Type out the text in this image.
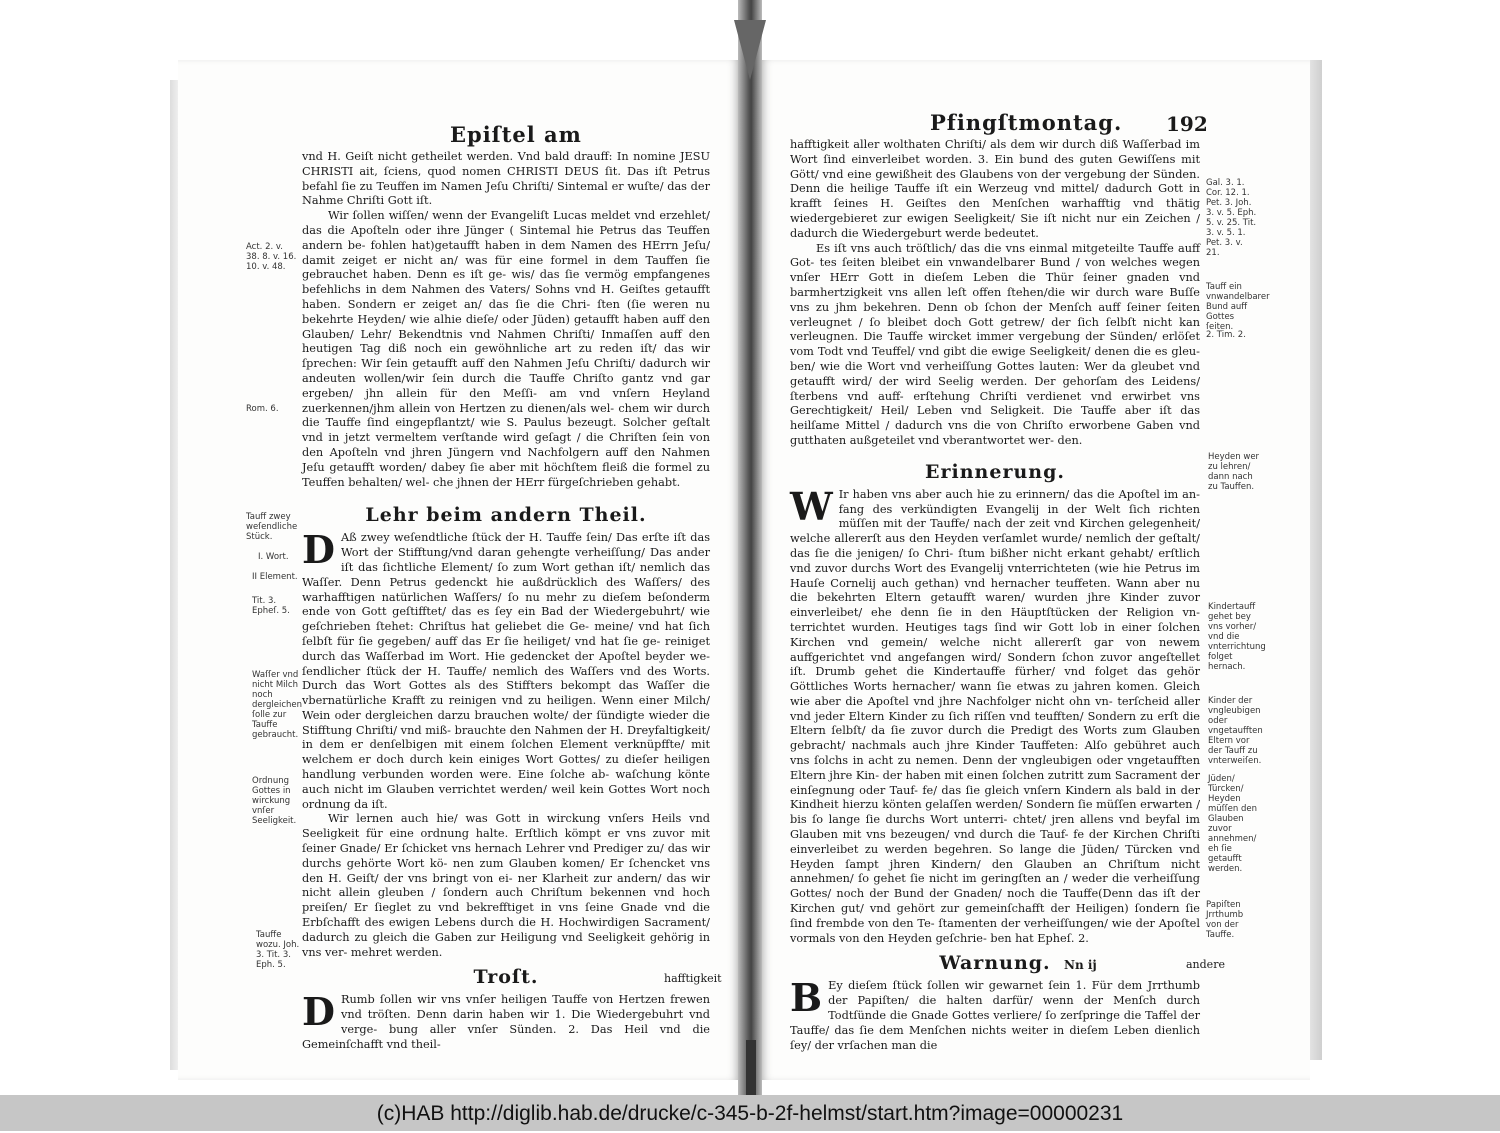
Epiſtel am

vnd H. Geiſt nicht getheilet werden. Vnd bald drauff: In nomine JESU CHRISTI ait, ſciens, quod nomen CHRISTI DEUS ſit. Das iſt Petrus befahl ſie zu Teuffen im Namen Jeſu Chriſti/ Sintemal er wuſte/ das der Nahme Chriſti Gott iſt.

Wir ſollen wiſſen/ wenn der Evangeliſt Lucas meldet vnd erzehlet/ das die Apoſteln oder ihre Jünger ( Sintemal hie Petrus das Teuffen andern be- fohlen hat)getaufft haben in dem Namen des HErrn Jeſu/ damit zeiget er nicht an/ was für eine formel in dem Tauffen ſie gebrauchet haben. Denn es iſt ge- wis/ das ſie vermög empfangenes befehlichs in dem Nahmen des Vaters/ Sohns vnd H. Geiſtes getaufft haben. Sondern er zeiget an/ das ſie die Chri- ſten (ſie weren nu bekehrte Heyden/ wie alhie dieſe/ oder Jüden) getaufft haben auff den Glauben/ Lehr/ Bekendtnis vnd Nahmen Chriſti/ Inmaſſen auff den heutigen Tag diß noch ein gewöhnliche art zu reden iſt/ das wir ſprechen: Wir ſein getaufft auff den Nahmen Jeſu Chriſti/ dadurch wir andeuten wollen/wir ſein durch die Tauffe Chriſto gantz vnd gar ergeben/ jhn allein für den Meſſi- am vnd vnſern Heyland zuerkennen/jhm allein von Hertzen zu dienen/als wel- chem wir durch die Tauffe ſind eingepflantzt/ wie S. Paulus bezeugt. Solcher geſtalt vnd in jetzt vermeltem verſtande wird geſagt / die Chriſten ſein von den Apoſteln vnd jhren Jüngern vnd Nachfolgern auff den Nahmen Jeſu getaufft worden/ dabey ſie aber mit höchſtem fleiß die formel zu Teuffen behalten/ wel- che jhnen der HErr fürgeſchrieben gehabt.

Lehr beim andern Theil.

D Aß zwey weſendtliche ſtück der H. Tauffe ſein/ Das erſte iſt das Wort der Stifftung/vnd daran gehengte verheiſſung/ Das ander iſt das ſichtliche Element/ ſo zum Wort gethan iſt/ nemlich das Waſſer. Denn Petrus gedenckt hie außdrücklich des Waſſers/ des warhafftigen natürlichen Waſſers/ ſo nu mehr zu dieſem beſonderm ende von Gott geſtifftet/ das es ſey ein Bad der Wiedergebuhrt/ wie geſchrieben ſtehet: Chriſtus hat geliebet die Ge- meine/ vnd hat ſich ſelbſt für ſie gegeben/ auff das Er ſie heiliget/ vnd hat ſie ge- reiniget durch das Waſſerbad im Wort. Hie gedencket der Apoſtel beyder we- ſendlicher ſtück der H. Tauffe/ nemlich des Waſſers vnd des Worts. Durch das Wort Gottes als des Stiffters bekompt das Waſſer die vbernatürliche Krafft zu reinigen vnd zu heiligen. Wenn einer Milch/ Wein oder dergleichen darzu brauchen wolte/ der ſündigte wieder die Stifftung Chriſti/ vnd miß- brauchte den Nahmen der H. Dreyfaltigkeit/ in dem er denſelbigen mit einem ſolchen Element verknüpffte/ mit welchem er doch durch kein einiges Wort Gottes/ zu dieſer heiligen handlung verbunden worden were. Eine ſolche ab- waſchung könte auch nicht im Glauben verrichtet werden/ weil kein Gottes Wort noch ordnung da iſt.

Wir lernen auch hie/ was Gott in wirckung vnſers Heils vnd Seeligkeit für eine ordnung halte. Erſtlich kömpt er vns zuvor mit ſeiner Gnade/ Er ſchicket vns hernach Lehrer vnd Prediger zu/ das wir durchs gehörte Wort kö- nen zum Glauben komen/ Er ſchencket vns den H. Geiſt/ der vns bringt von ei- ner Klarheit zur andern/ das wir nicht allein gleuben / ſondern auch Chriſtum bekennen vnd hoch preiſen/ Er ſieglet zu vnd bekrefftiget in vns ſeine Gnade vnd die Erbſchafft des ewigen Lebens durch die H. Hochwirdigen Sacrament/ dadurch zu gleich die Gaben zur Heiligung vnd Seeligkeit gehörig in vns ver- mehret werden.

Troſt.

D Rumb ſollen wir vns vnſer heiligen Tauffe von Hertzen frewen vnd tröſten. Denn darin haben wir 1. Die Wiedergebuhrt vnd verge- bung aller vnſer Sünden. 2. Das Heil vnd die Gemeinſchafft vnd theil-

hafftigkeit
Act. 2. v. 38. 8. v. 16. 10. v. 48.
Rom. 6.
Tauff zwey weſendliche Stück.
I. Wort.
II Element.
Tit. 3. Epheſ. 5.
Waſſer vnd nicht Milch noch dergleichen ſolle zur Tauffe gebraucht.
Ordnung Gottes in wirckung vnſer Seeligkeit.
Tauffe wozu. Joh. 3. Tit. 3. Eph. 5.
Pfingſtmontag. 192

hafftigkeit aller wolthaten Chriſti/ als dem wir durch diß Waſſerbad im Wort ſind einverleibet worden. 3. Ein bund des guten Gewiſſens mit Gött/ vnd eine gewißheit des Glaubens von der vergebung der Sünden. Denn die heilige Tauffe iſt ein Werzeug vnd mittel/ dadurch Gott in krafft ſeines H. Geiſtes den Menſchen warhafftig vnd thätig wiedergebieret zur ewigen Seeligkeit/ Sie iſt nicht nur ein Zeichen / dadurch die Wiedergeburt werde bedeutet.

Es iſt vns auch tröſtlich/ das die vns einmal mitgeteilte Tauffe auff Got- tes ſeiten bleibet ein vnwandelbarer Bund / von welches wegen vnſer HErr Gott in dieſem Leben die Thür ſeiner gnaden vnd barmhertzigkeit vns allen leſt offen ſtehen/die wir durch ware Buſſe vns zu jhm bekehren. Denn ob ſchon der Menſch auff ſeiner ſeiten verleugnet / ſo bleibet doch Gott getrew/ der ſich ſelbſt nicht kan verleugnen. Die Tauffe wircket immer vergebung der Sünden/ erlöſet vom Todt vnd Teuffel/ vnd gibt die ewige Seeligkeit/ denen die es gleu- ben/ wie die Wort vnd verheiſſung Gottes lauten: Wer da gleubet vnd getaufft wird/ der wird Seelig werden. Der gehorſam des Leidens/ſterbens vnd auff- erſtehung Chriſti verdienet vnd erwirbet vns Gerechtigkeit/ Heil/ Leben vnd Seligkeit. Die Tauffe aber iſt das heilſame Mittel / dadurch vns die von Chriſto erworbene Gaben vnd gutthaten außgeteilet vnd vberantwortet wer- den.

Erinnerung.

W Ir haben vns aber auch hie zu erinnern/ das die Apoſtel im an- fang des verkündigten Evangelij in der Welt ſich richten müſſen mit der Tauffe/ nach der zeit vnd Kirchen gelegenheit/ welche allererſt aus den Heyden verſamlet wurde/ nemlich der geſtalt/ das ſie die jenigen/ ſo Chri- ſtum bißher nicht erkant gehabt/ erſtlich vnd zuvor durchs Wort des Evangelij vnterrichteten (wie hie Petrus im Hauſe Cornelij auch gethan) vnd hernacher teuffeten. Wann aber nu die bekehrten Eltern getaufft waren/ wurden jhre Kinder zuvor einverleibet/ ehe denn ſie in den Häuptſtücken der Religion vn- terrichtet wurden. Heutiges tags ſind wir Gott lob in einer ſolchen Kirchen vnd gemein/ welche nicht allererſt gar von newem auffgerichtet vnd angefangen wird/ Sondern ſchon zuvor angeſtellet iſt. Drumb gehet die Kindertauffe fürher/ vnd folget das gehör Göttliches Worts hernacher/ wann ſie etwas zu jahren komen. Gleich wie aber die Apoſtel vnd jhre Nachfolger nicht ohn vn- terſcheid aller vnd jeder Eltern Kinder zu ſich riſſen vnd teufften/ Sondern zu erſt die Eltern ſelbſt/ da ſie zuvor durch die Predigt des Worts zum Glauben gebracht/ nachmals auch jhre Kinder Tauffeten: Alſo gebühret auch vns ſolchs in acht zu nemen. Denn der vngleubigen oder vngetaufften Eltern jhre Kin- der haben mit einen ſolchen zutritt zum Sacrament der einſegnung oder Tauf- fe/ das ſie gleich vnſern Kindern als bald in der Kindheit hierzu könten gelaſſen werden/ Sondern ſie müſſen erwarten / bis ſo lange ſie durchs Wort unterri- chtet/ jren allens vnd beyfal im Glauben mit vns bezeugen/ vnd durch die Tauf- fe der Kirchen Chriſti einverleibet zu werden begehren. So lange die Jüden/ Türcken vnd Heyden ſampt jhren Kindern/ den Glauben an Chriſtum nicht annehmen/ ſo gehet ſie nicht im geringſten an / weder die verheiſſung Gottes/ noch der Bund der Gnaden/ noch die Tauffe(Denn das iſt der Kirchen gut/ vnd gehört zur gemeinſchafft der Heiligen) ſondern ſie ſind frembde von den Te- ſtamenten der verheiſſungen/ wie der Apoſtel vormals von den Heyden geſchrie- ben hat Epheſ. 2.

Warnung.

B Ey dieſem ſtück ſollen wir gewarnet ſein 1. Für dem Jrrthumb der Papiſten/ die halten darfür/ wenn der Menſch durch Todtſünde die Gnade Gottes verliere/ ſo zerſpringe die Taffel der Tauffe/ das ſie dem Menſchen nichts weiter in dieſem Leben dienlich ſey/ der vrſachen man die

Nn ij	andere
Gal. 3. 1. Cor. 12. 1. Pet. 3. Joh. 3. v. 5. Eph. 5. v. 25. Tit. 3. v. 5. 1. Pet. 3. v. 21.
Tauff ein vnwandelbarer Bund auff Gottes ſeiten.
2. Tim. 2.
Heyden wer zu lehren/ dann nach zu Tauffen.
Kindertauff gehet bey vns vorher/ vnd die vnterrichtung folget hernach.
Kinder der vngleubigen oder vngetaufften Eltern vor der Tauff zu vnterweiſen.
Jüden/ Türcken/ Heyden müſſen den Glauben zuvor annehmen/ eh ſie getaufft werden.
Papiſten Jrrthumb von der Tauffe.
(c)HAB http://diglib.hab.de/drucke/c-345-b-2f-helmst/start.htm?image=00000231
